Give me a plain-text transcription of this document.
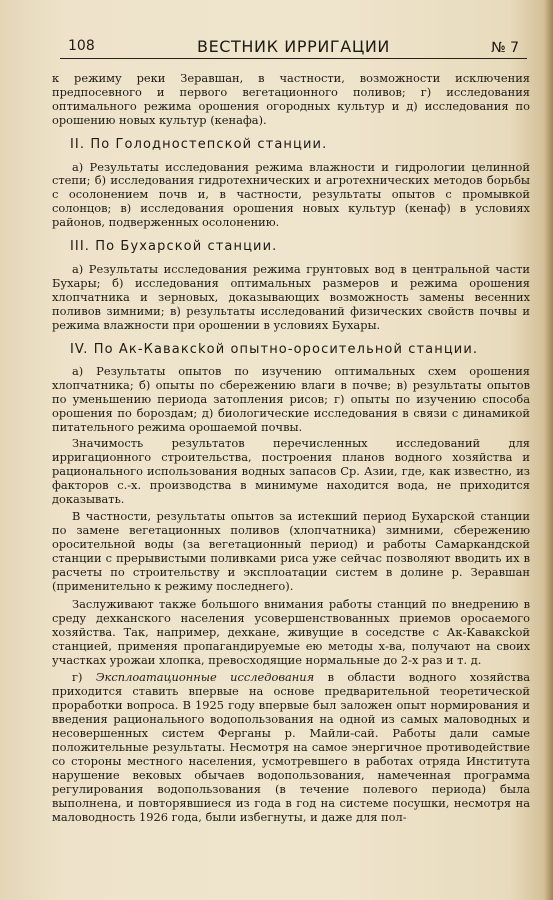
108	ВЕСТНИК ИРРИГАЦИИ	№ 7

к режиму реки Зеравшан, в частности, возможности исключения предпосевного и первого вегетационного поливов; г) исследования оптимального режима орошения огородных культур и д) исследования по орошению новых культур (кенафа).

II. По Голодностепской станции.

а) Результаты исследования режима влажности и гидрологии целинной степи; б) исследования гидротехнических и агротехнических методов борьбы с осолонением почв и, в частности, результаты опытов с промывкой солонцов; в) исследования орошения новых культур (кенаф) в условиях районов, подверженных осолонению.

III. По Бухарской станции.

а) Результаты исследования режима грунтовых вод в центральной части Бухары; б) исследования оптимальных размеров и режима орошения хлопчатника и зерновых, доказывающих возможность замены весенних поливов зимними; в) результаты исследований физических свойств почвы и режима влажности при орошении в условиях Бухары.

IV. По Ак-Каваксkой опытно-оросительной станции.

а) Результаты опытов по изучению оптимальных схем орошения хлопчатника; б) опыты по сбережению влаги в почве; в) результаты опытов по уменьшению периода затопления рисов; г) опыты по изучению способа орошения по бороздам; д) биологические исследования в связи с динамикой питательного режима орошаемой почвы.

Значимость результатов перечисленных исследований для ирригационного строительства, построения планов водного хозяйства и рационального использования водных запасов Ср. Азии, где, как известно, из факторов с.-х. производства в минимуме находится вода, не приходится доказывать.

В частности, результаты опытов за истекший период Бухарской станции по замене вегетационных поливов (хлопчатника) зимними, сбережению оросительной воды (за вегетационный период) и работы Самаркандской станции с прерывистыми поливками риса уже сейчас позволяют вводить их в расчеты по строительству и эксплоатации систем в долине р. Зеравшан (применительно к режиму последнего).

Заслуживают также большого внимания работы станций по внедрению в среду дехканского населения усовершенствованных приемов оросаемого хозяйства. Так, например, дехкане, живущие в соседстве с Ак-Каваксkой станцией, применяя пропагандируемые ею методы х-ва, получают на своих участках урожаи хлопка, превосходящие нормальные до 2-х раз и т. д.

г) Эксплоатационные исследования в области водного хозяйства приходится ставить впервые на основе предварительной теоретической проработки вопроса. В 1925 году впервые был заложен опыт нормирования и введения рационального водопользования на одной из самых маловодных и несовершенных систем Ферганы р. Майли-сай. Работы дали самые положительные результаты. Несмотря на самое энергичное противодействие со стороны местного населения, усмотревшего в работах отряда Института нарушение вековых обычаев водопользования, намеченная программа регулирования водопользования (в течение полевого периода) была выполнена, и повторявшиеся из года в год на системе посушки, несмотря на маловодность 1926 года, были избегнуты, и даже для пол-
